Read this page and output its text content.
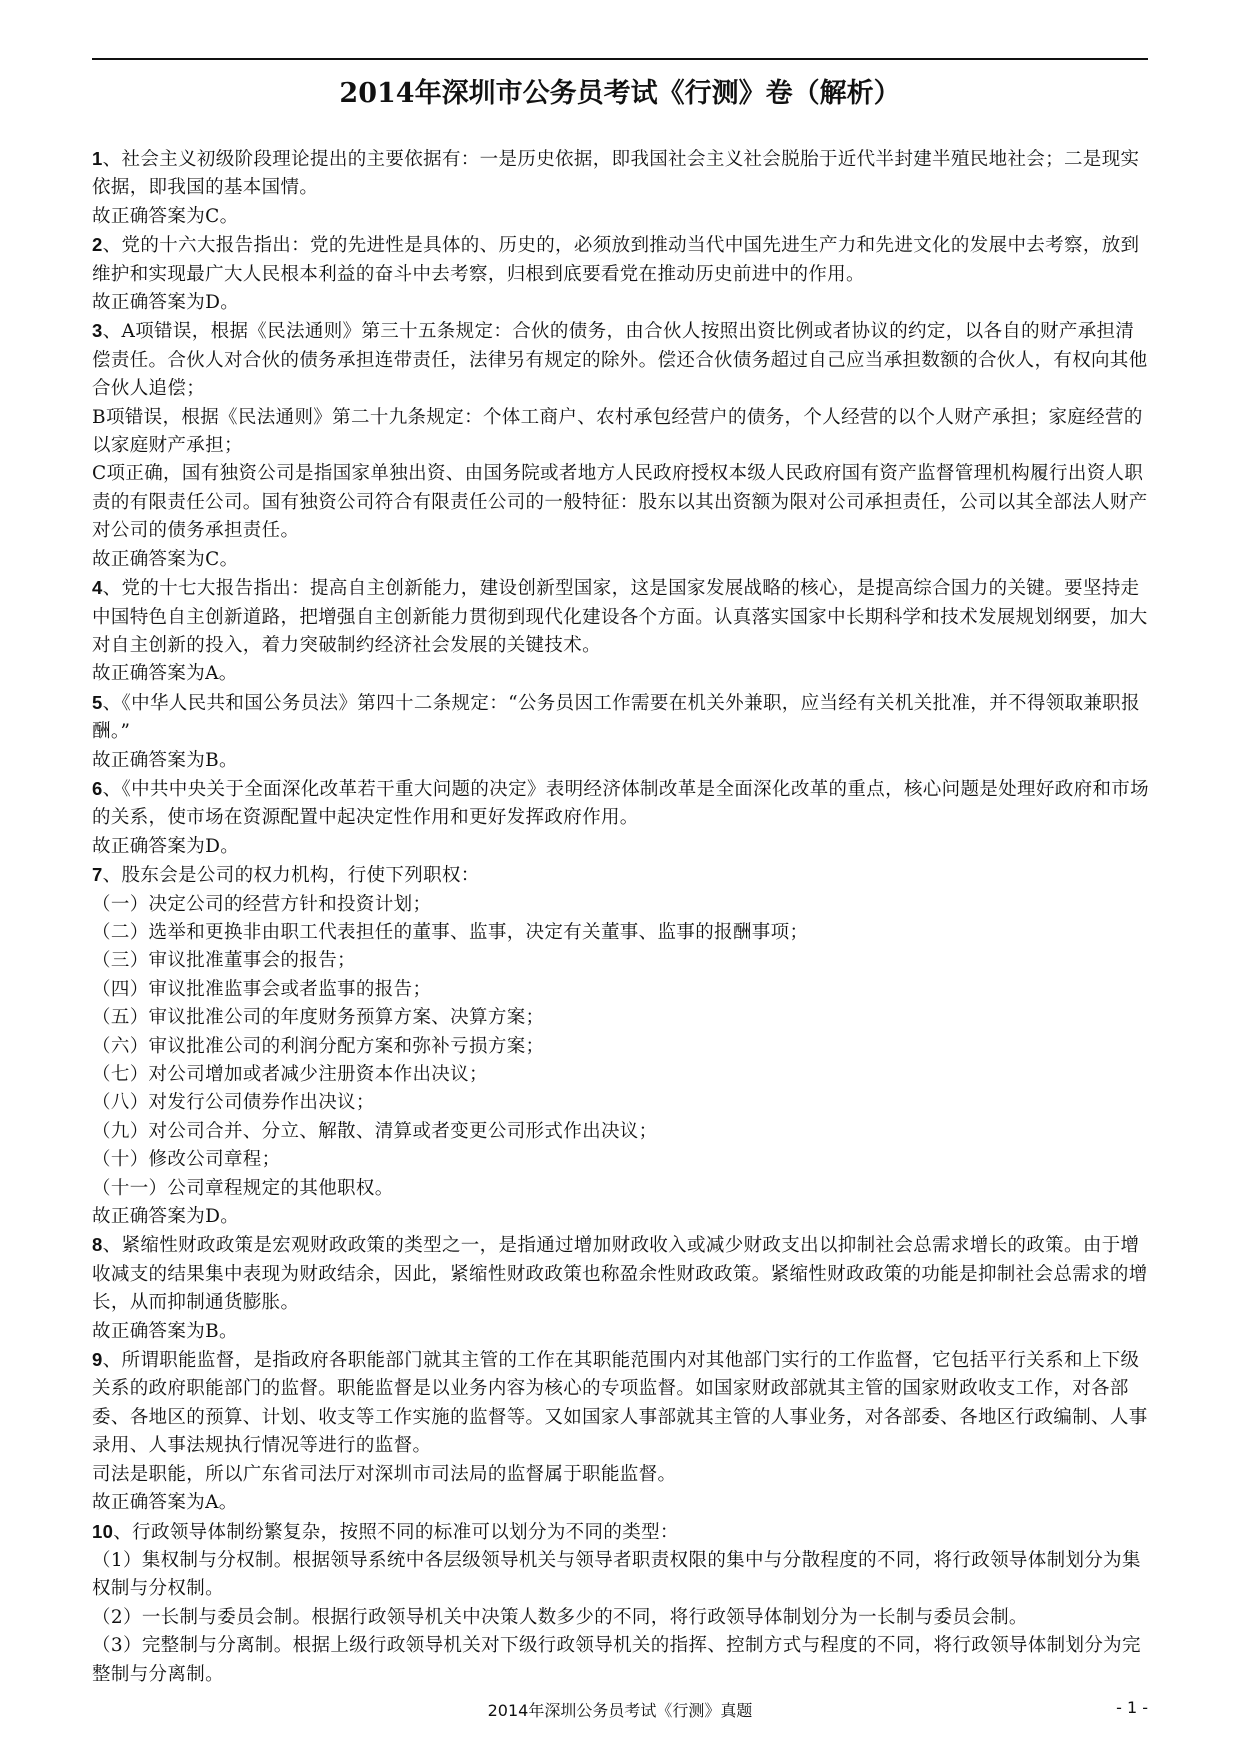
2014年深圳市公务员考试《行测》卷（解析）

1、社会主义初级阶段理论提出的主要依据有：一是历史依据，即我国社会主义社会脱胎于近代半封建半殖民地社会；二是现实依据，即我国的基本国情。

故正确答案为C。

2、党的十六大报告指出：党的先进性是具体的、历史的，必须放到推动当代中国先进生产力和先进文化的发展中去考察，放到维护和实现最广大人民根本利益的奋斗中去考察，归根到底要看党在推动历史前进中的作用。

故正确答案为D。

3、A项错误，根据《民法通则》第三十五条规定：合伙的债务，由合伙人按照出资比例或者协议的约定，以各自的财产承担清偿责任。合伙人对合伙的债务承担连带责任，法律另有规定的除外。偿还合伙债务超过自己应当承担数额的合伙人，有权向其他合伙人追偿；

B项错误，根据《民法通则》第二十九条规定：个体工商户、农村承包经营户的债务，个人经营的以个人财产承担；家庭经营的以家庭财产承担；

C项正确，国有独资公司是指国家单独出资、由国务院或者地方人民政府授权本级人民政府国有资产监督管理机构履行出资人职责的有限责任公司。国有独资公司符合有限责任公司的一般特征：股东以其出资额为限对公司承担责任，公司以其全部法人财产对公司的债务承担责任。

故正确答案为C。

4、党的十七大报告指出：提高自主创新能力，建设创新型国家，这是国家发展战略的核心，是提高综合国力的关键。要坚持走中国特色自主创新道路，把增强自主创新能力贯彻到现代化建设各个方面。认真落实国家中长期科学和技术发展规划纲要，加大对自主创新的投入，着力突破制约经济社会发展的关键技术。

故正确答案为A。

5、《中华人民共和国公务员法》第四十二条规定：“公务员因工作需要在机关外兼职，应当经有关机关批准，并不得领取兼职报酬。”

故正确答案为B。

6、《中共中央关于全面深化改革若干重大问题的决定》表明经济体制改革是全面深化改革的重点，核心问题是处理好政府和市场的关系，使市场在资源配置中起决定性作用和更好发挥政府作用。

故正确答案为D。

7、股东会是公司的权力机构，行使下列职权：

（一）决定公司的经营方针和投资计划；

（二）选举和更换非由职工代表担任的董事、监事，决定有关董事、监事的报酬事项；

（三）审议批准董事会的报告；

（四）审议批准监事会或者监事的报告；

（五）审议批准公司的年度财务预算方案、决算方案；

（六）审议批准公司的利润分配方案和弥补亏损方案；

（七）对公司增加或者减少注册资本作出决议；

（八）对发行公司债券作出决议；

（九）对公司合并、分立、解散、清算或者变更公司形式作出决议；

（十）修改公司章程；

（十一）公司章程规定的其他职权。

故正确答案为D。

8、紧缩性财政政策是宏观财政政策的类型之一，是指通过增加财政收入或减少财政支出以抑制社会总需求增长的政策。由于增收减支的结果集中表现为财政结余，因此，紧缩性财政政策也称盈余性财政政策。紧缩性财政政策的功能是抑制社会总需求的增长，从而抑制通货膨胀。

故正确答案为B。

9、所谓职能监督，是指政府各职能部门就其主管的工作在其职能范围内对其他部门实行的工作监督，它包括平行关系和上下级关系的政府职能部门的监督。职能监督是以业务内容为核心的专项监督。如国家财政部就其主管的国家财政收支工作，对各部委、各地区的预算、计划、收支等工作实施的监督等。又如国家人事部就其主管的人事业务，对各部委、各地区行政编制、人事录用、人事法规执行情况等进行的监督。

司法是职能，所以广东省司法厅对深圳市司法局的监督属于职能监督。

故正确答案为A。

10、行政领导体制纷繁复杂，按照不同的标准可以划分为不同的类型：

（1）集权制与分权制。根据领导系统中各层级领导机关与领导者职责权限的集中与分散程度的不同，将行政领导体制划分为集权制与分权制。

（2）一长制与委员会制。根据行政领导机关中决策人数多少的不同，将行政领导体制划分为一长制与委员会制。

（3）完整制与分离制。根据上级行政领导机关对下级行政领导机关的指挥、控制方式与程度的不同，将行政领导体制划分为完整制与分离制。

2014年深圳公务员考试《行测》真题	- 1 -
